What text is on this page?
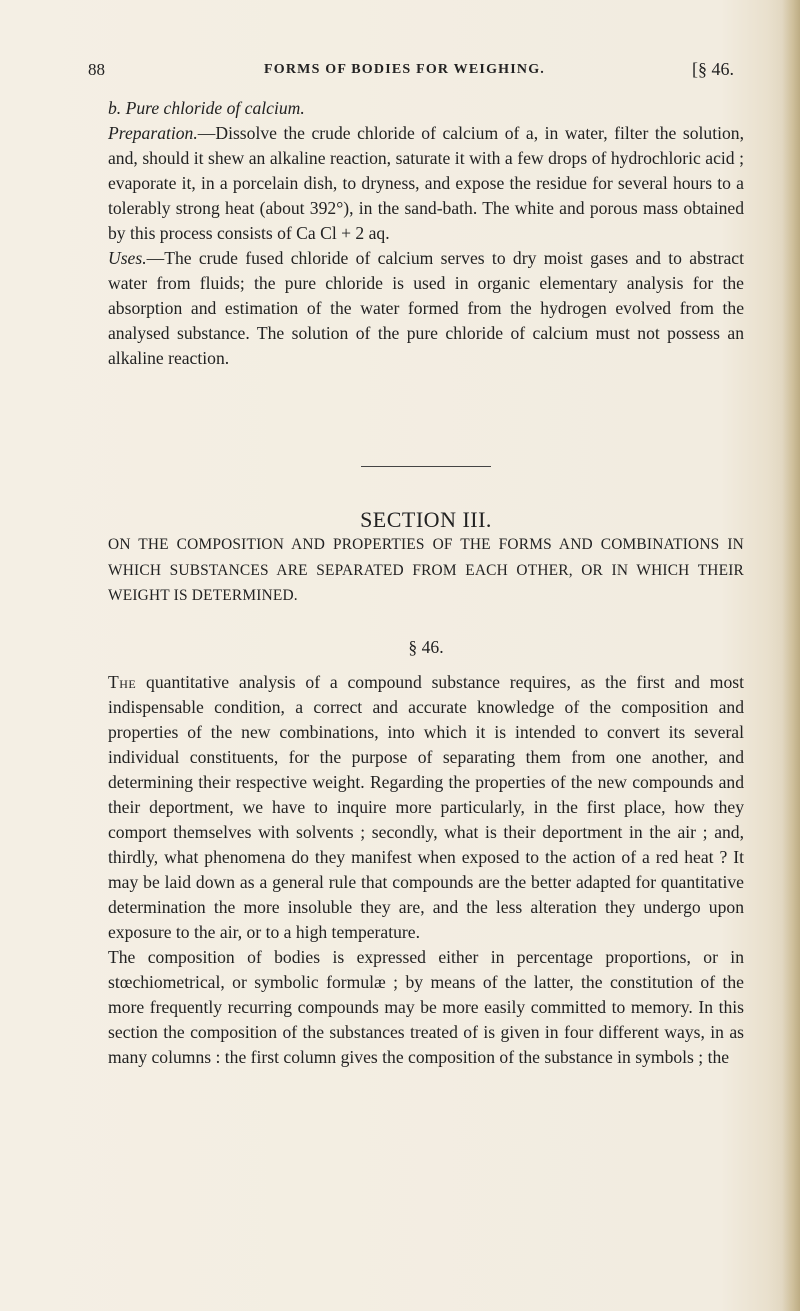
88	FORMS OF BODIES FOR WEIGHING.	[§ 46.

b. Pure chloride of calcium.

Preparation.—Dissolve the crude chloride of calcium of a, in water, filter the solution, and, should it shew an alkaline reaction, saturate it with a few drops of hydrochloric acid ; evaporate it, in a porcelain dish, to dryness, and expose the residue for several hours to a tolerably strong heat (about 392°), in the sand-bath. The white and porous mass obtained by this process consists of Ca Cl + 2 aq.

Uses.—The crude fused chloride of calcium serves to dry moist gases and to abstract water from fluids; the pure chloride is used in organic elementary analysis for the absorption and estimation of the water formed from the hydrogen evolved from the analysed substance. The solution of the pure chloride of calcium must not possess an alkaline reaction.

SECTION III.

ON THE COMPOSITION AND PROPERTIES OF THE FORMS AND COMBINATIONS IN WHICH SUBSTANCES ARE SEPARATED FROM EACH OTHER, OR IN WHICH THEIR WEIGHT IS DETERMINED.

§ 46.

The quantitative analysis of a compound substance requires, as the first and most indispensable condition, a correct and accurate knowledge of the composition and properties of the new combinations, into which it is intended to convert its several individual constituents, for the purpose of separating them from one another, and determining their respective weight. Regarding the properties of the new compounds and their deportment, we have to inquire more particularly, in the first place, how they comport themselves with solvents ; secondly, what is their deportment in the air ; and, thirdly, what phenomena do they manifest when exposed to the action of a red heat ? It may be laid down as a general rule that compounds are the better adapted for quantitative determination the more insoluble they are, and the less alteration they undergo upon exposure to the air, or to a high temperature.

The composition of bodies is expressed either in percentage proportions, or in stœchiometrical, or symbolic formulæ ; by means of the latter, the constitution of the more frequently recurring compounds may be more easily committed to memory. In this section the composition of the substances treated of is given in four different ways, in as many columns : the first column gives the composition of the substance in symbols ; the
